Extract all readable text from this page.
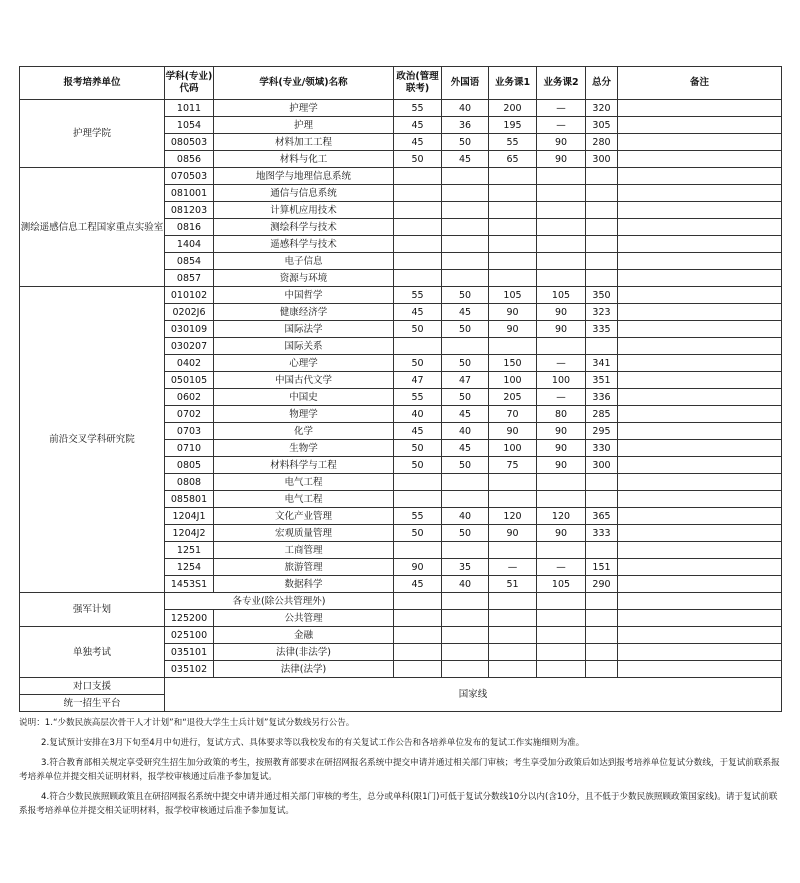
报考培养单位	学科(专业)代码	学科(专业/领域)名称	政治(管理联考)	外国语	业务课1	业务课2	总分	备注
护理学院	1011	护理学	55	40	200	—	320	
	1054	护理	45	36	195	—	305	
	080503	材料加工工程	45	50	55	90	280	
	0856	材料与化工	50	45	65	90	300	
测绘遥感信息工程国家重点实验室	070503	地图学与地理信息系统						
	081001	通信与信息系统						
	081203	计算机应用技术						
	0816	测绘科学与技术						
	1404	遥感科学与技术						
	0854	电子信息						
	0857	资源与环境						
前沿交叉学科研究院	010102	中国哲学	55	50	105	105	350	
	0202J6	健康经济学	45	45	90	90	323	
	030109	国际法学	50	50	90	90	335	
	030207	国际关系						
	0402	心理学	50	50	150	—	341	
	050105	中国古代文学	47	47	100	100	351	
	0602	中国史	55	50	205	—	336	
	0702	物理学	40	45	70	80	285	
	0703	化学	45	40	90	90	295	
	0710	生物学	50	45	100	90	330	
	0805	材料科学与工程	50	50	75	90	300	
	0808	电气工程						
	085801	电气工程						
	1204J1	文化产业管理	55	40	120	120	365	
	1204J2	宏观质量管理	50	50	90	90	333	
	1251	工商管理						
	1254	旅游管理	90	35	—	—	151	
	1453S1	数据科学	45	40	51	105	290	
强军计划	各专业(除公共管理外)							
	125200	公共管理						
单独考试	025100	金融						
	035101	法律(非法学)						
	035102	法律(法学)						
对口支援	国家线							
统一招生平台								

说明：1.“少数民族高层次骨干人才计划”和“退役大学生士兵计划”复试分数线另行公告。

2.复试预计安排在3月下旬至4月中旬进行，复试方式、具体要求等以我校发布的有关复试工作公告和各培养单位发布的复试工作实施细则为准。

3.符合教育部相关规定享受研究生招生加分政策的考生，按照教育部要求在研招网报名系统中提交申请并通过相关部门审核；考生享受加分政策后如达到报考培养单位复试分数线，于复试前联系报考培养单位并提交相关证明材料，报学校审核通过后准予参加复试。

4.符合少数民族照顾政策且在研招网报名系统中提交申请并通过相关部门审核的考生，总分或单科(限1门)可低于复试分数线10分以内(含10分，且不低于少数民族照顾政策国家线)。请于复试前联系报考培养单位并提交相关证明材料，报学校审核通过后准予参加复试。
